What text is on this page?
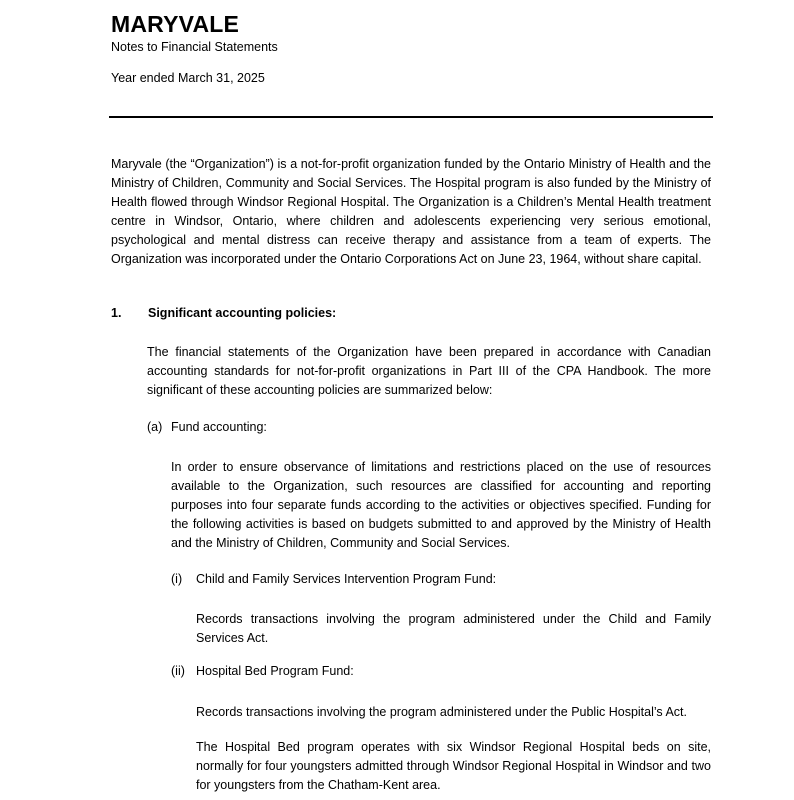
MARYVALE
Notes to Financial Statements
Year ended March 31, 2025

Maryvale (the “Organization”) is a not-for-profit organization funded by the Ontario Ministry of Health and the Ministry of Children, Community and Social Services. The Hospital program is also funded by the Ministry of Health flowed through Windsor Regional Hospital. The Organization is a Children’s Mental Health treatment centre in Windsor, Ontario, where children and adolescents experiencing very serious emotional, psychological and mental distress can receive therapy and assistance from a team of experts. The Organization was incorporated under the Ontario Corporations Act on June 23, 1964, without share capital.

1. Significant accounting policies:

The financial statements of the Organization have been prepared in accordance with Canadian accounting standards for not-for-profit organizations in Part III of the CPA Handbook. The more significant of these accounting policies are summarized below:

(a) Fund accounting:

In order to ensure observance of limitations and restrictions placed on the use of resources available to the Organization, such resources are classified for accounting and reporting purposes into four separate funds according to the activities or objectives specified. Funding for the following activities is based on budgets submitted to and approved by the Ministry of Health and the Ministry of Children, Community and Social Services.

(i) Child and Family Services Intervention Program Fund:

Records transactions involving the program administered under the Child and Family Services Act.

(ii) Hospital Bed Program Fund:

Records transactions involving the program administered under the Public Hospital’s Act.

The Hospital Bed program operates with six Windsor Regional Hospital beds on site, normally for four youngsters admitted through Windsor Regional Hospital in Windsor and two for youngsters from the Chatham-Kent area.
